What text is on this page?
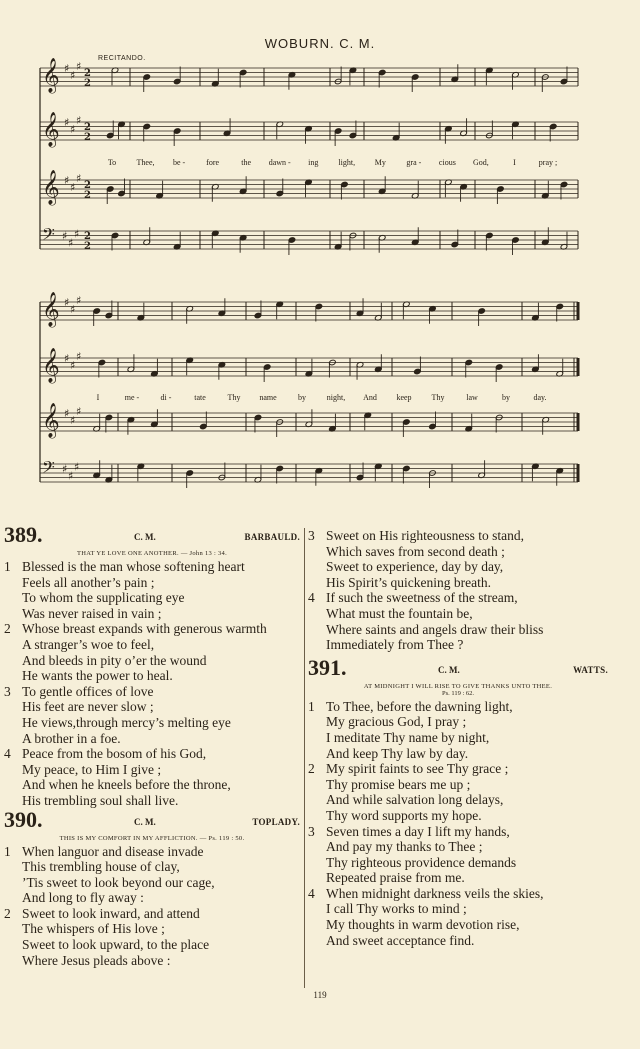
WOBURN. C. M.
RECITANDO.
𝄞 ♯
♯
♯
2
2
𝄞 ♯
♯
♯
2
2
𝄞 ♯
♯
♯
2
2
𝄢 ♯
♯
♯ 2
2
𝄞 ♯
♯
♯
𝄞 ♯
♯
♯
𝄞 ♯
♯
♯
𝄢 ♯
♯
♯
To	Thee, be -	fore	the dawn - ing	light, My	gra - cious God,	I	pray ;
I	me -	di -	tate	Thy name	by	night, And keep	Thy	law	by	day.
389.	C. M.	BARBAULD.
THAT YE LOVE ONE ANOTHER. — John 13 : 34.
1 Blessed is the man whose softening heart
Feels all another’s pain ;
To whom the supplicating eye
Was never raised in vain ;
2 Whose breast expands with generous warmth
A stranger’s woe to feel,
And bleeds in pity o’er the wound
He wants the power to heal.
3 To gentle offices of love
His feet are never slow ;
He views,through mercy’s melting eye
A brother in a foe.
4 Peace from the bosom of his God,
My peace, to Him I give ;
And when he kneels before the throne,
His trembling soul shall live.
390.	C. M.	TOPLADY.
THIS IS MY COMFORT IN MY AFFLICTION. — Ps. 119 : 50.
1 When languor and disease invade
This trembling house of clay,
’Tis sweet to look beyond our cage,
And long to fly away :
2 Sweet to look inward, and attend
The whispers of His love ;
Sweet to look upward, to the place
Where Jesus pleads above :
3 Sweet on His righteousness to stand,
Which saves from second death ;
Sweet to experience, day by day,
His Spirit’s quickening breath.
4 If such the sweetness of the stream,
What must the fountain be,
Where saints and angels draw their bliss
Immediately from Thee ?
391.	C. M.	WATTS.
AT MIDNIGHT I WILL RISE TO GIVE THANKS UNTO THEE.
Ps. 119 : 62.
1 To Thee, before the dawning light,
My gracious God, I pray ;
I meditate Thy name by night,
And keep Thy law by day.
2 My spirit faints to see Thy grace ;
Thy promise bears me up ;
And while salvation long delays,
Thy word supports my hope.
3 Seven times a day I lift my hands,
And pay my thanks to Thee ;
Thy righteous providence demands
Repeated praise from me.
4 When midnight darkness veils the skies,
I call Thy works to mind ;
My thoughts in warm devotion rise,
And sweet acceptance find.
119
